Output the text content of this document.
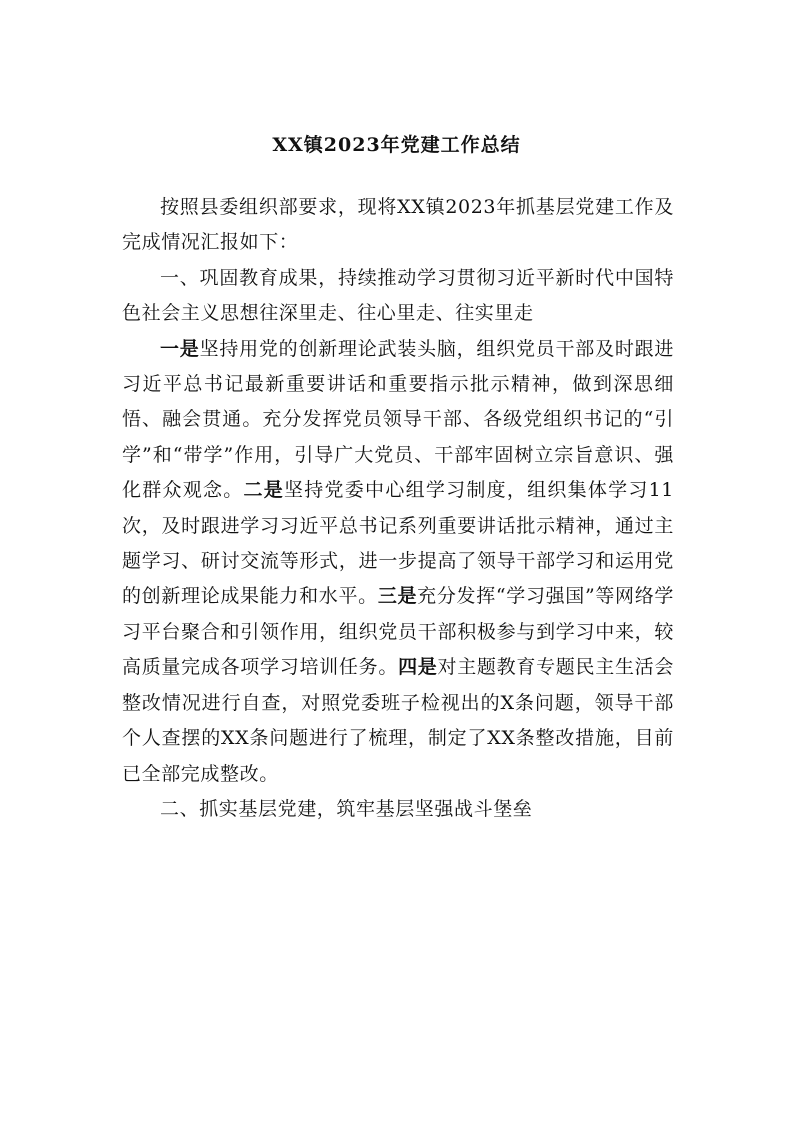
XX镇2023年党建工作总结

按照县委组织部要求，现将XX镇2023年抓基层党建工作及完成情况汇报如下：

一、巩固教育成果，持续推动学习贯彻习近平新时代中国特色社会主义思想往深里走、往心里走、往实里走

一是坚持用党的创新理论武装头脑，组织党员干部及时跟进习近平总书记最新重要讲话和重要指示批示精神，做到深思细悟、融会贯通。充分发挥党员领导干部、各级党组织书记的“引学”和“带学”作用，引导广大党员、干部牢固树立宗旨意识、强化群众观念。二是坚持党委中心组学习制度，组织集体学习11次，及时跟进学习习近平总书记系列重要讲话批示精神，通过主题学习、研讨交流等形式，进一步提高了领导干部学习和运用党的创新理论成果能力和水平。三是充分发挥“学习强国”等网络学习平台聚合和引领作用，组织党员干部积极参与到学习中来，较高质量完成各项学习培训任务。四是对主题教育专题民主生活会整改情况进行自查，对照党委班子检视出的X条问题，领导干部个人查摆的XX条问题进行了梳理，制定了XX条整改措施，目前已全部完成整改。

二、抓实基层党建，筑牢基层坚强战斗堡垒
